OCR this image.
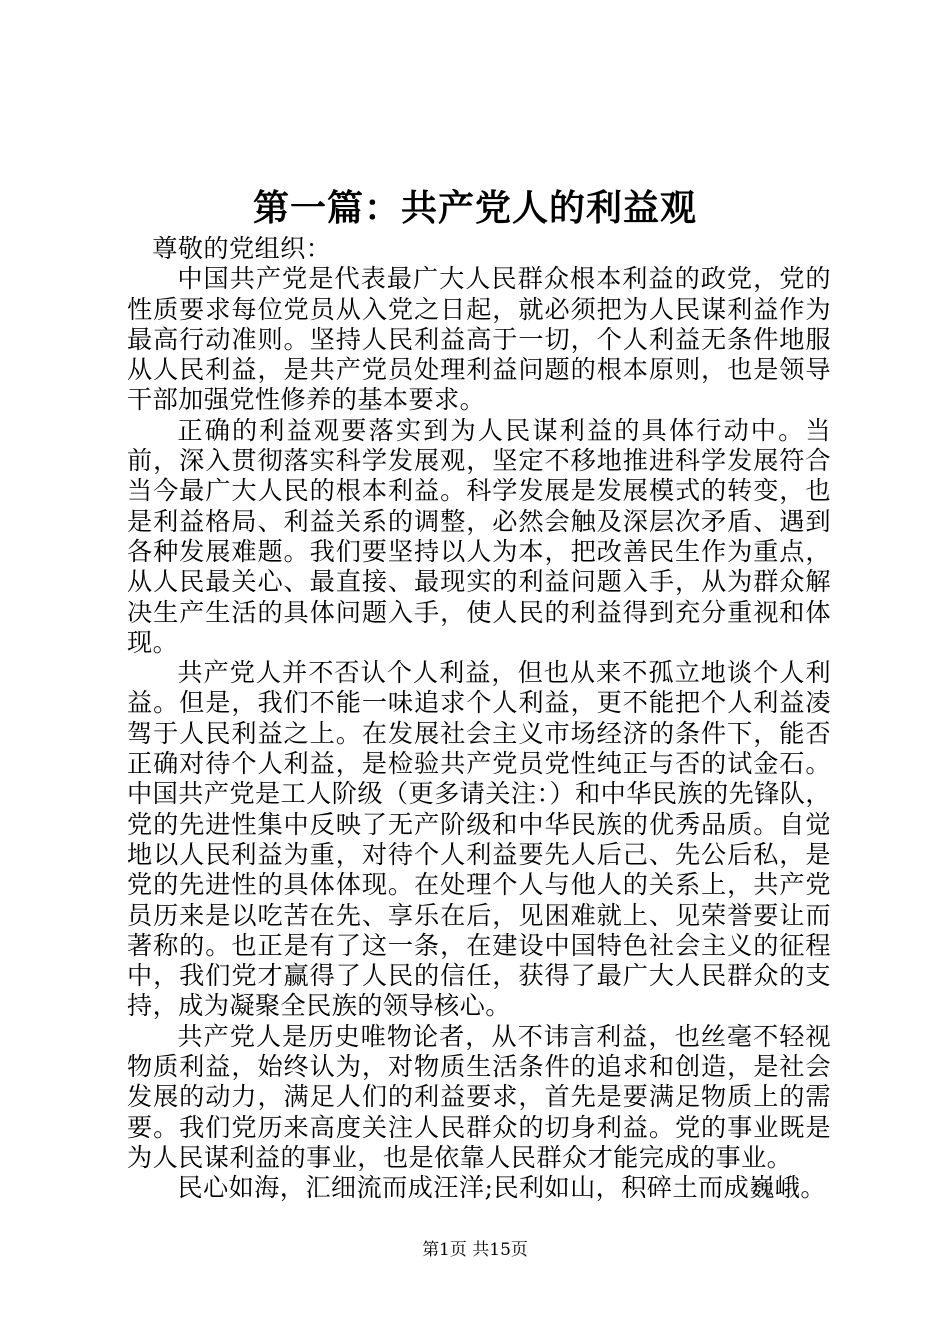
第一篇：共产党人的利益观

尊敬的党组织：

中国共产党是代表最广大人民群众根本利益的政党，党的性质要求每位党员从入党之日起，就必须把为人民谋利益作为最高行动准则。坚持人民利益高于一切，个人利益无条件地服从人民利益，是共产党员处理利益问题的根本原则，也是领导干部加强党性修养的基本要求。

正确的利益观要落实到为人民谋利益的具体行动中。当前，深入贯彻落实科学发展观，坚定不移地推进科学发展符合当今最广大人民的根本利益。科学发展是发展模式的转变，也是利益格局、利益关系的调整，必然会触及深层次矛盾、遇到各种发展难题。我们要坚持以人为本，把改善民生作为重点，从人民最关心、最直接、最现实的利益问题入手，从为群众解决生产生活的具体问题入手，使人民的利益得到充分重视和体现。

共产党人并不否认个人利益，但也从来不孤立地谈个人利益。但是，我们不能一味追求个人利益，更不能把个人利益凌驾于人民利益之上。在发展社会主义市场经济的条件下，能否正确对待个人利益，是检验共产党员党性纯正与否的试金石。中国共产党是工人阶级（更多请关注：）和中华民族的先锋队，党的先进性集中反映了无产阶级和中华民族的优秀品质。自觉地以人民利益为重，对待个人利益要先人后己、先公后私，是党的先进性的具体体现。在处理个人与他人的关系上，共产党员历来是以吃苦在先、享乐在后，见困难就上、见荣誉要让而著称的。也正是有了这一条，在建设中国特色社会主义的征程中，我们党才赢得了人民的信任，获得了最广大人民群众的支持，成为凝聚全民族的领导核心。

共产党人是历史唯物论者，从不讳言利益，也丝毫不轻视物质利益，始终认为，对物质生活条件的追求和创造，是社会发展的动力，满足人们的利益要求，首先是要满足物质上的需要。我们党历来高度关注人民群众的切身利益。党的事业既是为人民谋利益的事业，也是依靠人民群众才能完成的事业。

民心如海，汇细流而成汪洋;民利如山，积碎土而成巍峨。

第1页 共15页
